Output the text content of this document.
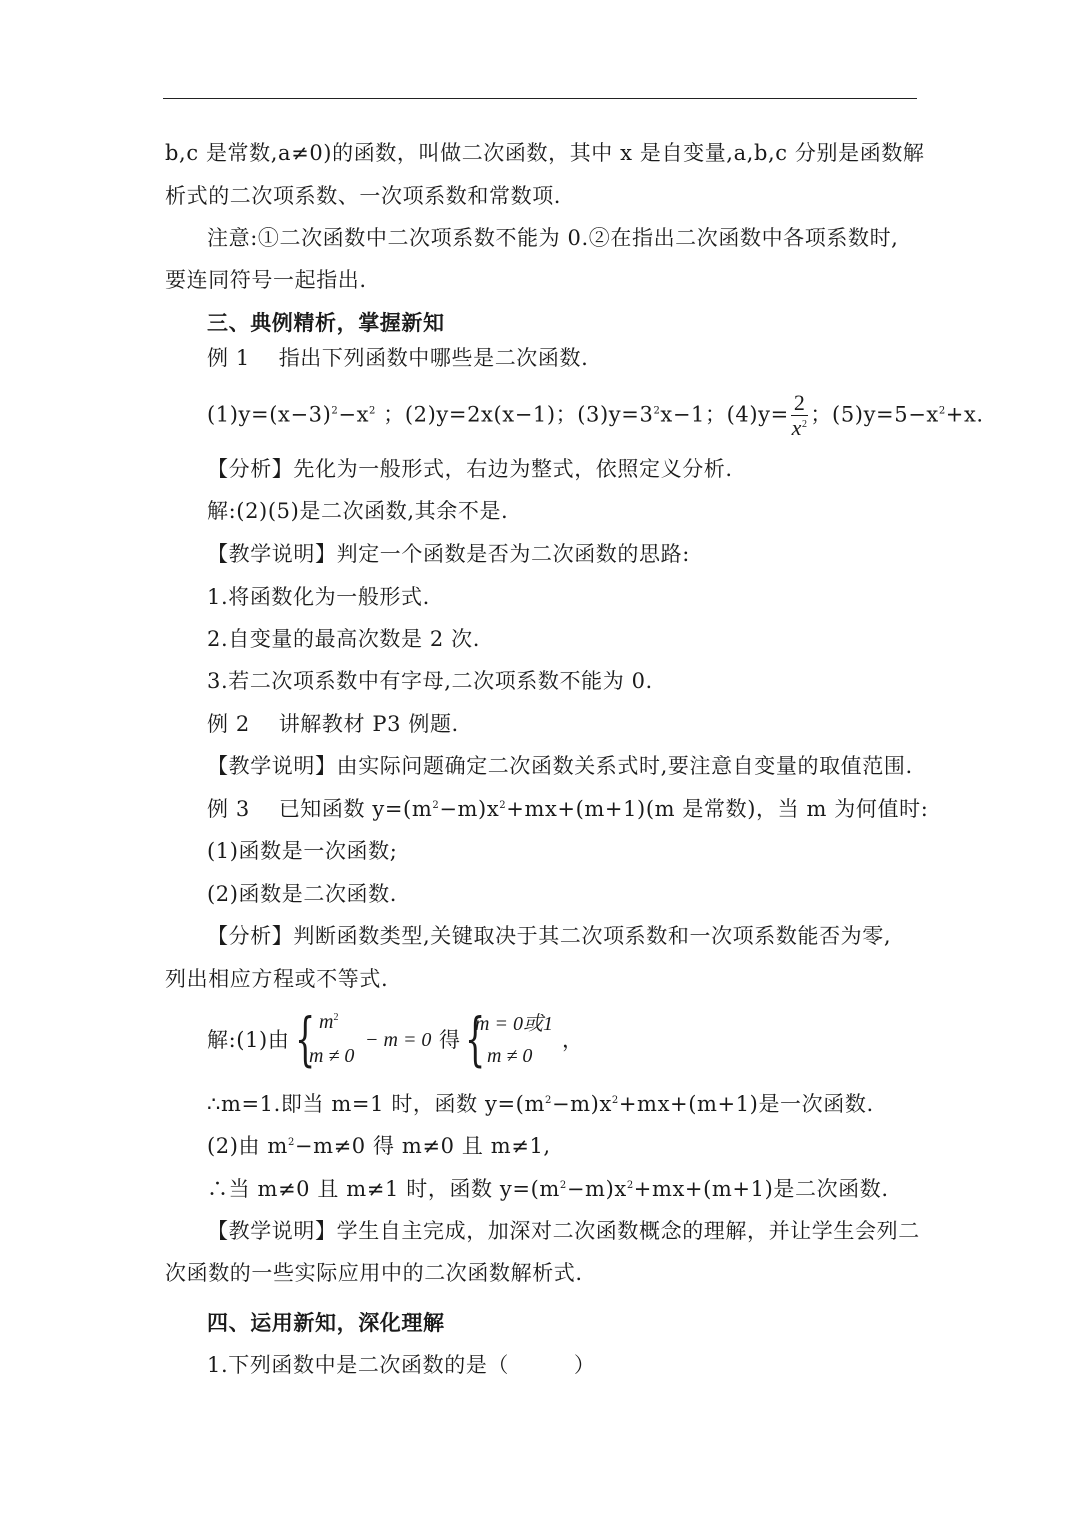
b,c 是常数,a≠0)的函数，叫做二次函数，其中 x 是自变量,a,b,c 分别是函数解
析式的二次项系数、一次项系数和常数项.
注意:①二次函数中二次项系数不能为 0.②在指出二次函数中各项系数时,
要连同符号一起指出.
三、典例精析，掌握新知
例 1　 指出下列函数中哪些是二次函数.
$(1)y=(x-3)^2-x^2$ ；(2)y=2x(x−1)；$(3)y=3^2x-1$；$(4)y= \frac{2}{x^2}$ ；$(5)y=5-x^2+x$.
【分析】先化为一般形式，右边为整式，依照定义分析.
解:(2)(5)是二次函数,其余不是.
【教学说明】判定一个函数是否为二次函数的思路:
1.将函数化为一般形式.
2.自变量的最高次数是 2 次.
3.若二次项系数中有字母,二次项系数不能为 0.
例 2　 讲解教材 P3 例题.
【教学说明】由实际问题确定二次函数关系式时,要注意自变量的取值范围.
例 3　 已知函数 $y=(m^2-m)x^2+mx+(m+1)(m$ 是常数)，当 m 为何值时:
(1)函数是一次函数;
(2)函数是二次函数.
【分析】判断函数类型,关键取决于其二次项系数和一次项系数能否为零,
列出相应方程或不等式.
解:(1)由 { $m^2$
− m = 0
m ≠ 0
得 {
m = 0或1
m ≠ 0
，
∴m=1.即当 m=1 时，函数 $y=(m^2-m)x^2+mx+(m+1)$是一次函数.
(2)由 $m^2-m\ne 0$ 得 m≠0 且 m≠1,
∴当 m≠0 且 m≠1 时，函数 $y=(m^2-m)x^2+mx+(m+1)$是二次函数.
【教学说明】学生自主完成，加深对二次函数概念的理解，并让学生会列二
次函数的一些实际应用中的二次函数解析式.
四、运用新知，深化理解
1.下列函数中是二次函数的是（　　　）
